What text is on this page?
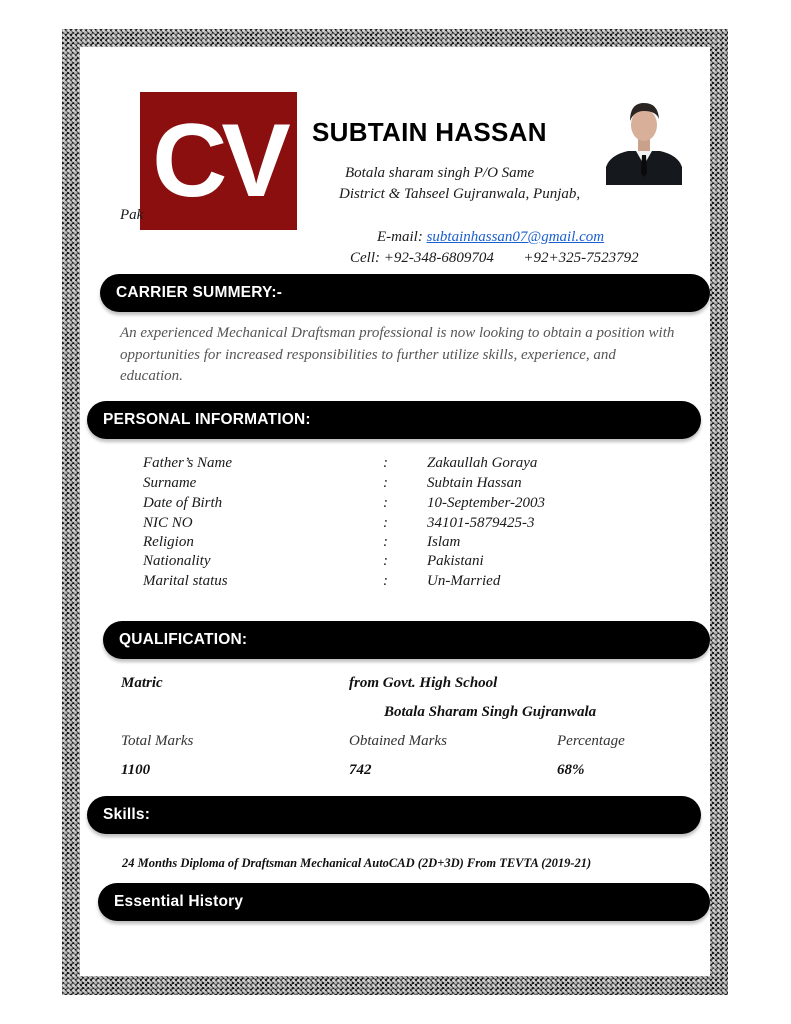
CV SUBTAIN HASSAN
Botala sharam singh P/O Same
District & Tahseel Gujranwala, Punjab,
Pak
E-mail: subtainhassan07@gmail.com
Cell: +92-348-6809704 +92+325-7523792
CARRIER SUMMERY:-
An experienced Mechanical Draftsman professional is now looking to obtain a position with opportunities for increased responsibilities to further utilize skills, experience, and education.
PERSONAL INFORMATION:
Father’s Name	:	Zakaullah Goraya
Surname	:	Subtain Hassan
Date of Birth	:	10-September-2003
NIC NO	:	34101-5879425-3
Religion	:	Islam
Nationality	:	Pakistani
Marital status	:	Un-Married
QUALIFICATION:
Matric	from Govt. High School
Botala Sharam Singh Gujranwala
Total Marks	Obtained Marks	Percentage
1100	742	68%
Skills:
24 Months Diploma of Draftsman Mechanical AutoCAD (2D+3D) From TEVTA (2019-21)
Essential History
